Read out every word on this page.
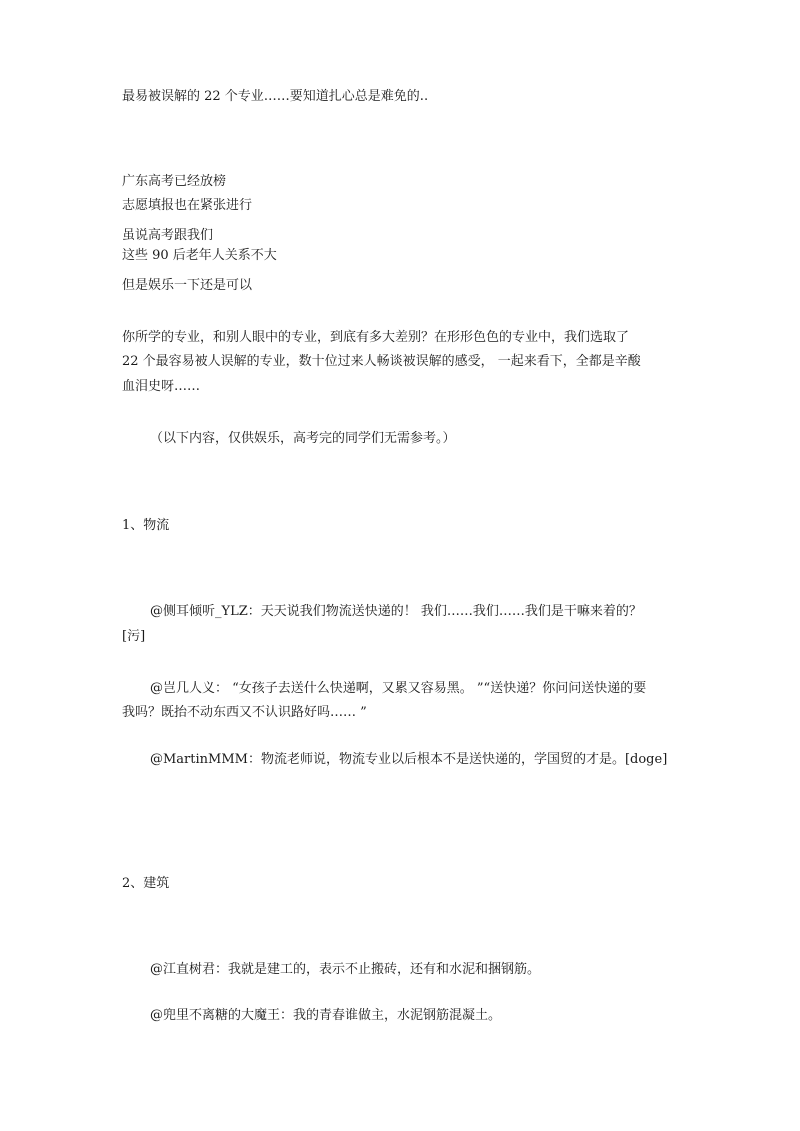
最易被误解的 22 个专业……要知道扎心总是难免的..
广东高考已经放榜
志愿填报也在紧张进行
虽说高考跟我们
这些 90 后老年人关系不大
但是娱乐一下还是可以
你所学的专业，和别人眼中的专业，到底有多大差别？在形形色色的专业中，我们选取了
22 个最容易被人误解的专业，数十位过来人畅谈被误解的感受， 一起来看下，全都是辛酸
血泪史呀……
（以下内容，仅供娱乐，高考完的同学们无需参考。）
1、物流
@侧耳倾听_YLZ：天天说我们物流送快递的！ 我们……我们……我们是干嘛来着的？
[污]
@岂几人义： “女孩子去送什么快递啊，又累又容易黑。 ”“送快递？你问问送快递的要
我吗？既抬不动东西又不认识路好吗…… ”
@MartinMMM：物流老师说，物流专业以后根本不是送快递的，学国贸的才是。[doge]
2、建筑
@江直树君：我就是建工的，表示不止搬砖，还有和水泥和捆钢筋。
@兜里不离糖的大魔王：我的青春谁做主，水泥钢筋混凝土。
